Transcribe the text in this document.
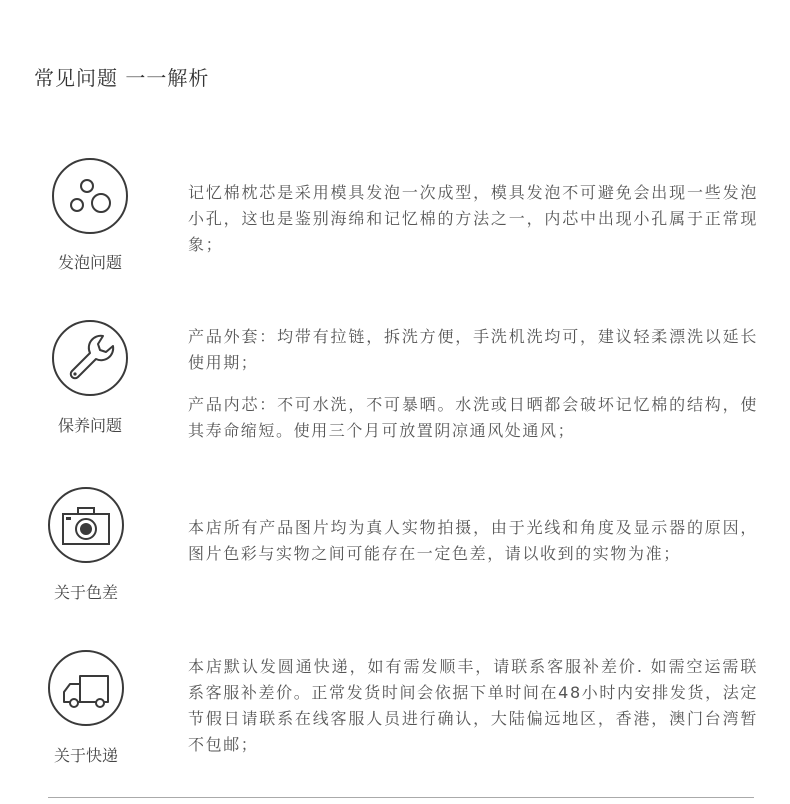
常见问题 一一解析
发泡问题

记忆棉枕芯是采用模具发泡一次成型，模具发泡不可避免会出现一些发泡小孔，这也是鉴别海绵和记忆棉的方法之一，内芯中出现小孔属于正常现象；

保养问题

产品外套：均带有拉链，拆洗方便，手洗机洗均可，建议轻柔漂洗以延长使用期；

产品内芯：不可水洗，不可暴晒。水洗或日晒都会破坏记忆棉的结构，使其寿命缩短。使用三个月可放置阴凉通风处通风；

关于色差

本店所有产品图片均为真人实物拍摄，由于光线和角度及显示器的原因，图片色彩与实物之间可能存在一定色差，请以收到的实物为准；

关于快递

本店默认发圆通快递，如有需发顺丰，请联系客服补差价. 如需空运需联系客服补差价。正常发货时间会依据下单时间在48小时内安排发货，法定节假日请联系在线客服人员进行确认，大陆偏远地区，香港，澳门台湾暂不包邮；
